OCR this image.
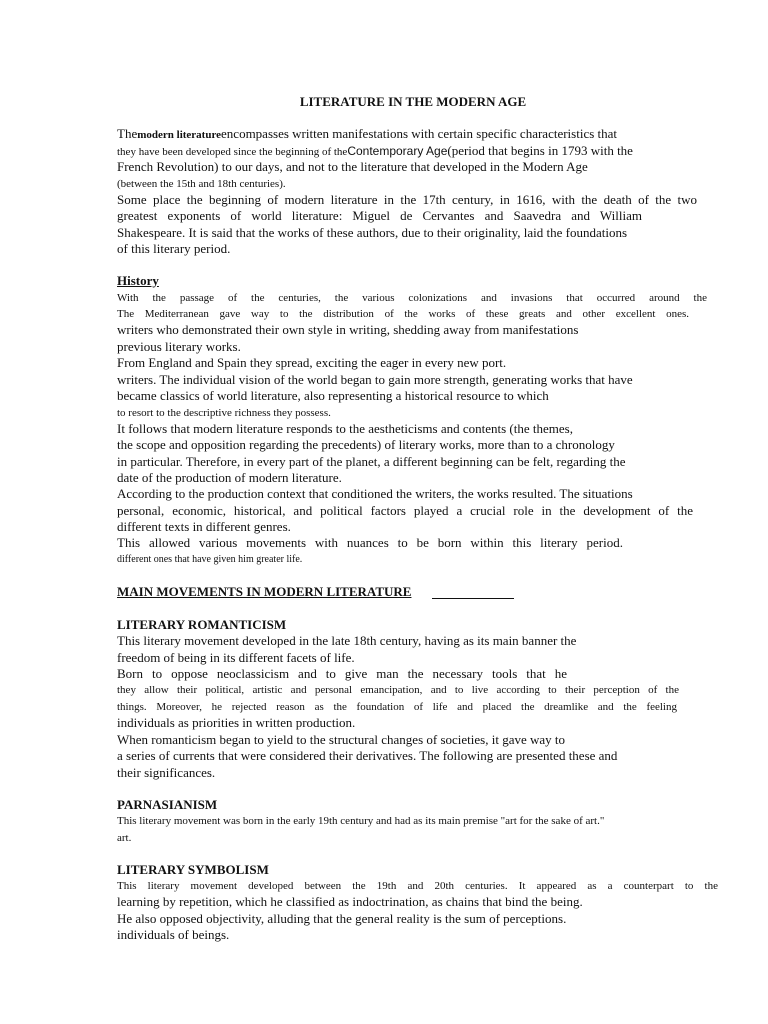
LITERATURE IN THE MODERN AGE

Themodern literatureencompasses written manifestations with certain specific characteristics that

they have been developed since the beginning of theContemporary Age(period that begins in 1793 with the

French Revolution) to our days, and not to the literature that developed in the Modern Age

(between the 15th and 18th centuries).

Some place the beginning of modern literature in the 17th century, in 1616, with the death of the two

greatest exponents of world literature: Miguel de Cervantes and Saavedra and William

Shakespeare. It is said that the works of these authors, due to their originality, laid the foundations

of this literary period.

History

With the passage of the centuries, the various colonizations and invasions that occurred around the

The Mediterranean gave way to the distribution of the works of these greats and other excellent ones.

writers who demonstrated their own style in writing, shedding away from manifestations

previous literary works.

From England and Spain they spread, exciting the eager in every new port.

writers. The individual vision of the world began to gain more strength, generating works that have

became classics of world literature, also representing a historical resource to which

to resort to the descriptive richness they possess.

It follows that modern literature responds to the aestheticisms and contents (the themes,

the scope and opposition regarding the precedents) of literary works, more than to a chronology

in particular. Therefore, in every part of the planet, a different beginning can be felt, regarding the

date of the production of modern literature.

According to the production context that conditioned the writers, the works resulted. The situations

personal, economic, historical, and political factors played a crucial role in the development of the

different texts in different genres.

This allowed various movements with nuances to be born within this literary period.

different ones that have given him greater life.

MAIN MOVEMENTS IN MODERN LITERATURE

LITERARY ROMANTICISM

This literary movement developed in the late 18th century, having as its main banner the

freedom of being in its different facets of life.

Born to oppose neoclassicism and to give man the necessary tools that he

they allow their political, artistic and personal emancipation, and to live according to their perception of the

things. Moreover, he rejected reason as the foundation of life and placed the dreamlike and the feeling

individuals as priorities in written production.

When romanticism began to yield to the structural changes of societies, it gave way to

a series of currents that were considered their derivatives. The following are presented these and

their significances.

PARNASIANISM

This literary movement was born in the early 19th century and had as its main premise "art for the sake of art."

art.

LITERARY SYMBOLISM

This literary movement developed between the 19th and 20th centuries. It appeared as a counterpart to the

learning by repetition, which he classified as indoctrination, as chains that bind the being.

He also opposed objectivity, alluding that the general reality is the sum of perceptions.

individuals of beings.
